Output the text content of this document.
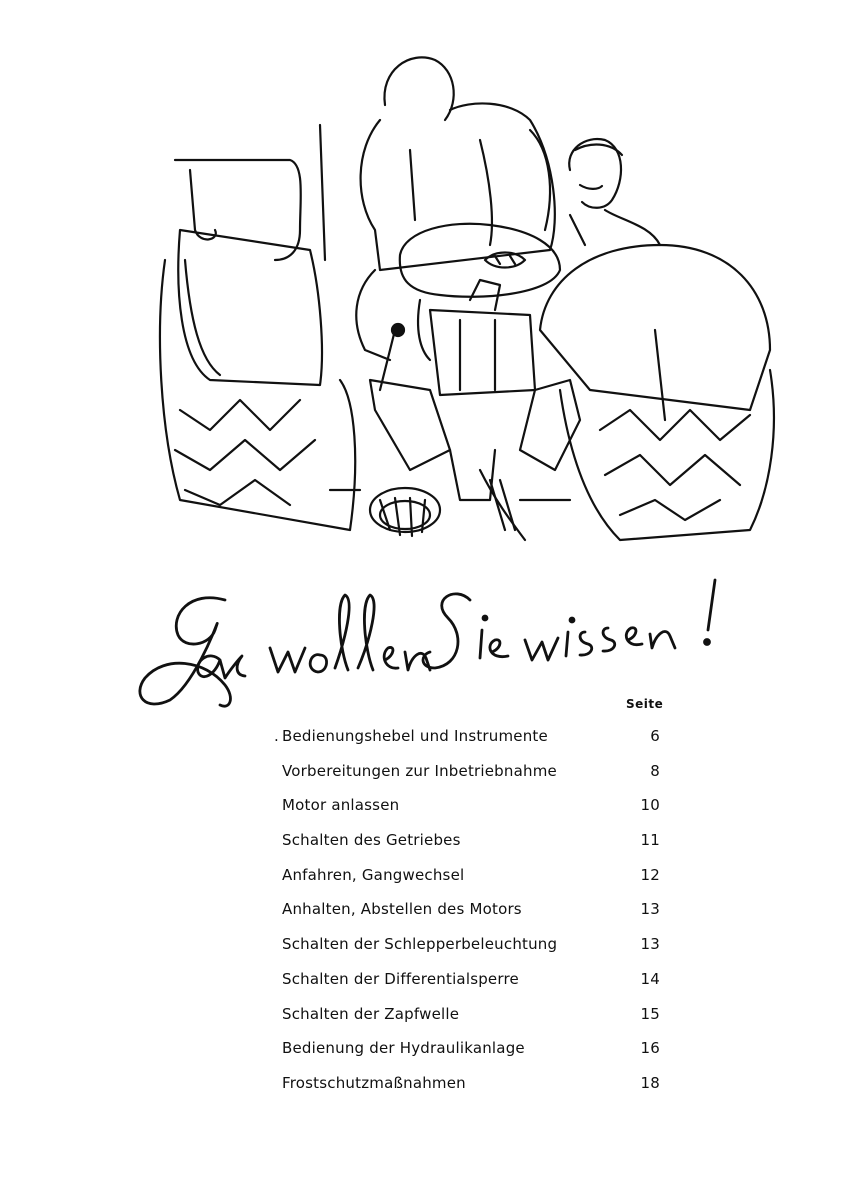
Seite
. Bedienungshebel und Instrumente	6
Vorbereitungen zur Inbetriebnahme	8
Motor anlassen	10
Schalten des Getriebes	11
Anfahren, Gangwechsel	12
Anhalten, Abstellen des Motors	13
Schalten der Schlepperbeleuchtung	13
Schalten der Differentialsperre	14
Schalten der Zapfwelle	15
Bedienung der Hydraulikanlage	16
Frostschutzmaßnahmen	18
